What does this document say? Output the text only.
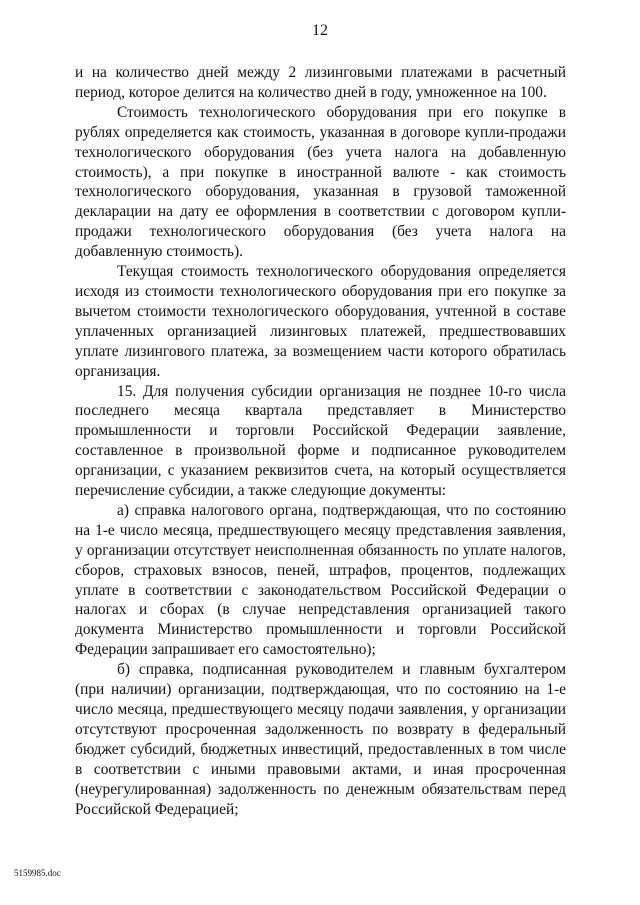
12

и на количество дней между 2 лизинговыми платежами в расчетный период, которое делится на количество дней в году, умноженное на 100.

Стоимость технологического оборудования при его покупке в рублях определяется как стоимость, указанная в договоре купли-продажи технологического оборудования (без учета налога на добавленную стоимость), а при покупке в иностранной валюте - как стоимость технологического оборудования, указанная в грузовой таможенной декларации на дату ее оформления в соответствии с договором купли-продажи технологического оборудования (без учета налога на добавленную стоимость).

Текущая стоимость технологического оборудования определяется исходя из стоимости технологического оборудования при его покупке за вычетом стоимости технологического оборудования, учтенной в составе уплаченных организацией лизинговых платежей, предшествовавших уплате лизингового платежа, за возмещением части которого обратилась организация.

15. Для получения субсидии организация не позднее 10-го числа последнего месяца квартала представляет в Министерство промышленности и торговли Российской Федерации заявление, составленное в произвольной форме и подписанное руководителем организации, с указанием реквизитов счета, на который осуществляется перечисление субсидии, а также следующие документы:

а) справка налогового органа, подтверждающая, что по состоянию на 1-е число месяца, предшествующего месяцу представления заявления, у организации отсутствует неисполненная обязанность по уплате налогов, сборов, страховых взносов, пеней, штрафов, процентов, подлежащих уплате в соответствии с законодательством Российской Федерации о налогах и сборах (в случае непредставления организацией такого документа Министерство промышленности и торговли Российской Федерации запрашивает его самостоятельно);

б) справка, подписанная руководителем и главным бухгалтером (при наличии) организации, подтверждающая, что по состоянию на 1-е число месяца, предшествующего месяцу подачи заявления, у организации отсутствуют просроченная задолженность по возврату в федеральный бюджет субсидий, бюджетных инвестиций, предоставленных в том числе в соответствии с иными правовыми актами, и иная просроченная (неурегулированная) задолженность по денежным обязательствам перед Российской Федерацией;

5159985.doc
